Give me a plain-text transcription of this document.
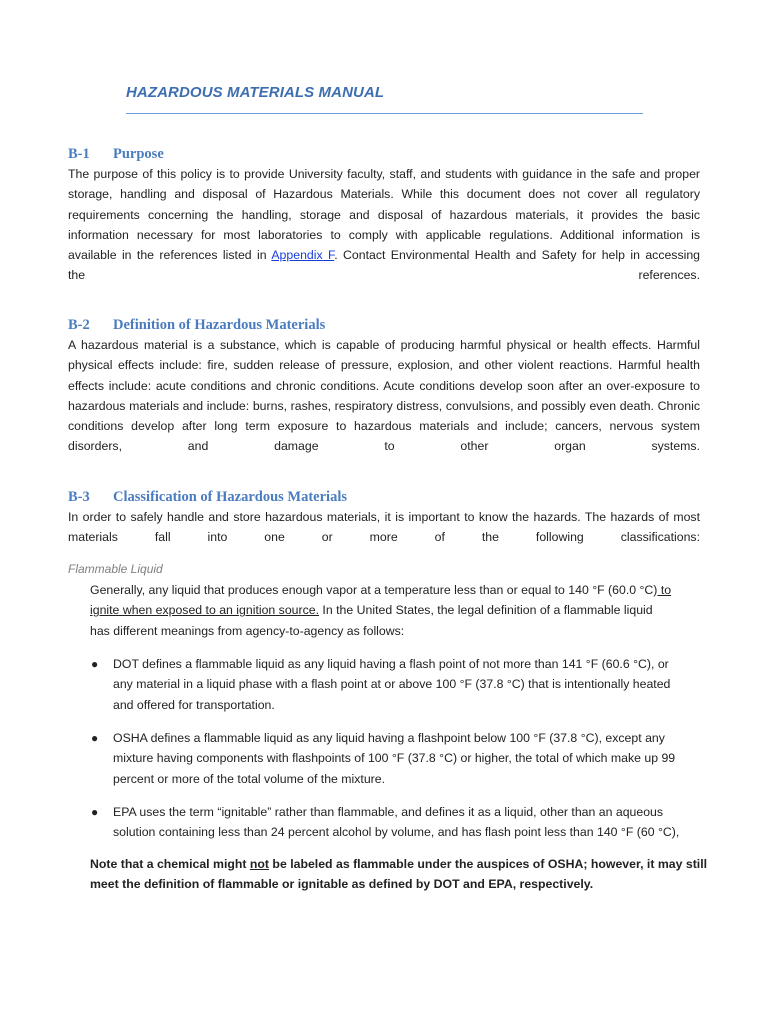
HAZARDOUS MATERIALS MANUAL
B-1	Purpose
The purpose of this policy is to provide University faculty, staff, and students with guidance in the safe and proper
storage, handling and disposal of Hazardous Materials. While this document does not cover all regulatory
requirements concerning the handling, storage and disposal of hazardous materials, it provides the basic
information necessary for most laboratories to comply with applicable regulations. Additional information is
available in the references listed in Appendix F. Contact Environmental Health and Safety for help in accessing
the references.
B-2	Definition of Hazardous Materials
A hazardous material is a substance, which is capable of producing harmful physical or health effects. Harmful
physical effects include: fire, sudden release of pressure, explosion, and other violent reactions. Harmful health
effects include: acute conditions and chronic conditions. Acute conditions develop soon after an over-exposure to
hazardous materials and include: burns, rashes, respiratory distress, convulsions, and possibly even death. Chronic
conditions develop after long term exposure to hazardous materials and include; cancers, nervous system
disorders, and damage to other organ systems.
B-3	Classification of Hazardous Materials
In order to safely handle and store hazardous materials, it is important to know the hazards. The hazards of most
materials fall into one or more of the following classifications:
Flammable Liquid
Generally, any liquid that produces enough vapor at a temperature less than or equal to 140 °F (60.0 °C) to
ignite when exposed to an ignition source. In the United States, the legal definition of a flammable liquid
has different meanings from agency-to-agency as follows:
●	DOT defines a flammable liquid as any liquid having a flash point of not more than 141 °F (60.6 °C), or
any material in a liquid phase with a flash point at or above 100 °F (37.8 °C) that is intentionally heated
and offered for transportation.
●	OSHA defines a flammable liquid as any liquid having a flashpoint below 100 °F (37.8 °C), except any
mixture having components with flashpoints of 100 °F (37.8 °C) or higher, the total of which make up 99
percent or more of the total volume of the mixture.
●	EPA uses the term “ignitable” rather than flammable, and defines it as a liquid, other than an aqueous
solution containing less than 24 percent alcohol by volume, and has flash point less than 140 °F (60 °C),
Note that a chemical might not be labeled as flammable under the auspices of OSHA; however, it may still
meet the definition of flammable or ignitable as defined by DOT and EPA, respectively.
